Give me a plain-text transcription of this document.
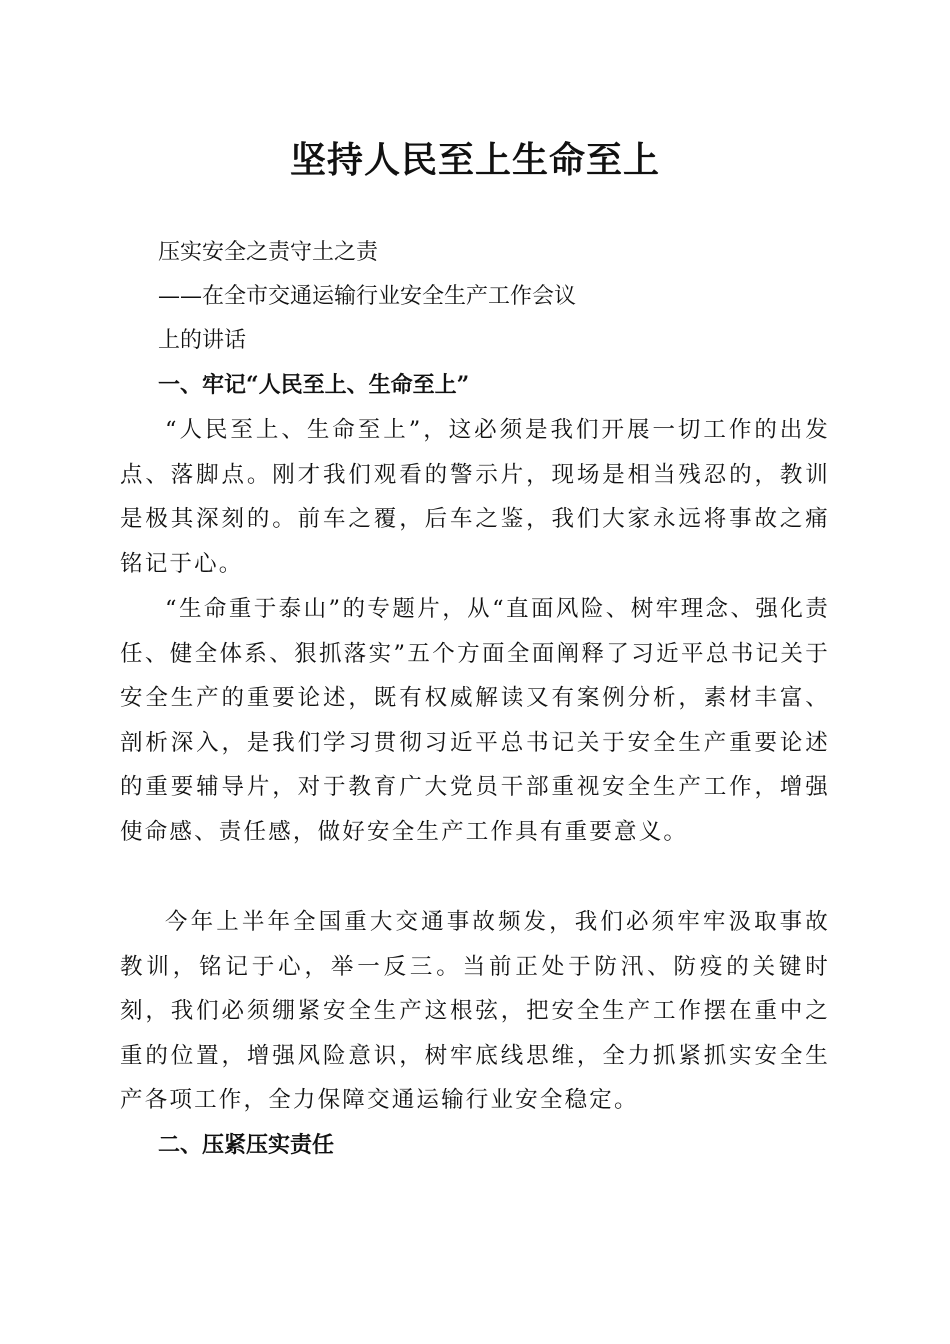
坚持人民至上生命至上
压实安全之责守土之责
——在全市交通运输行业安全生产工作会议
上的讲话
一、牢记“人民至上、生命至上”

“人民至上、生命至上”，这必须是我们开展一切工作的出发点、落脚点。刚才我们观看的警示片，现场是相当残忍的，教训是极其深刻的。前车之覆，后车之鉴，我们大家永远将事故之痛铭记于心。

“生命重于泰山”的专题片，从“直面风险、树牢理念、强化责任、健全体系、狠抓落实”五个方面全面阐释了习近平总书记关于安全生产的重要论述，既有权威解读又有案例分析，素材丰富、剖析深入，是我们学习贯彻习近平总书记关于安全生产重要论述的重要辅导片，对于教育广大党员干部重视安全生产工作，增强使命感、责任感，做好安全生产工作具有重要意义。

今年上半年全国重大交通事故频发，我们必须牢牢汲取事故教训，铭记于心，举一反三。当前正处于防汛、防疫的关键时刻，我们必须绷紧安全生产这根弦，把安全生产工作摆在重中之重的位置，增强风险意识，树牢底线思维，全力抓紧抓实安全生产各项工作，全力保障交通运输行业安全稳定。

二、压紧压实责任
